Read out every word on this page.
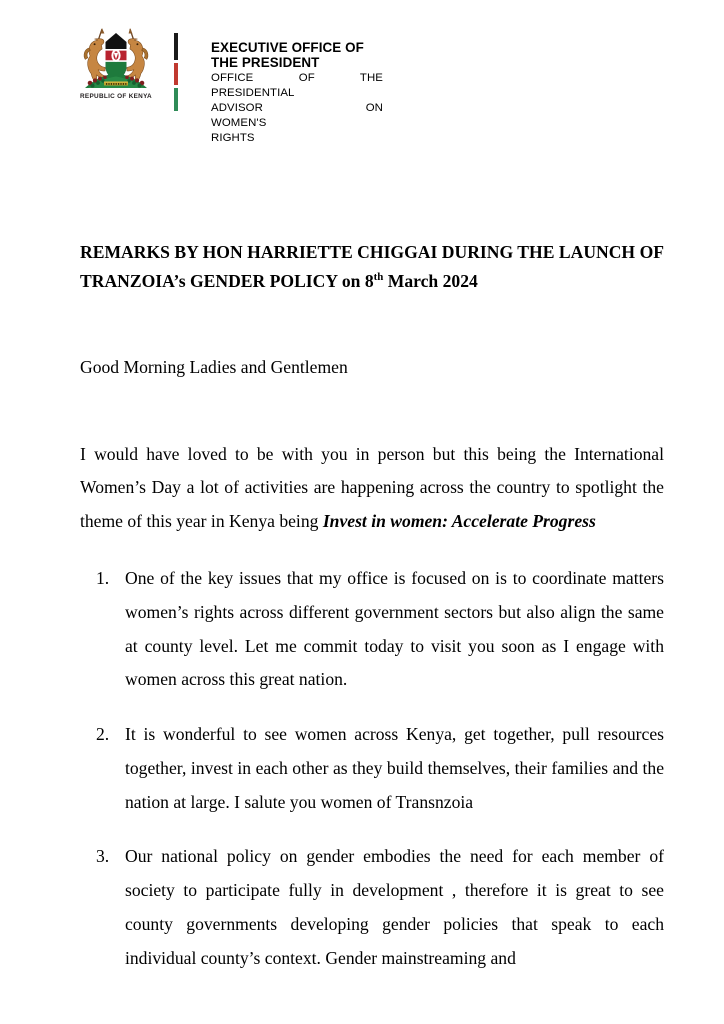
REPUBLIC OF KENYA
EXECUTIVE OFFICE OF
THE PRESIDENT
OFFICE OF THE
PRESIDENTIAL
ADVISOR ON
WOMEN'S
RIGHTS
REMARKS BY HON HARRIETTE CHIGGAI DURING THE LAUNCH OF TRANZOIA’s GENDER POLICY on 8th March 2024

Good Morning Ladies and Gentlemen

I would have loved to be with you in person but this being the International Women’s Day a lot of activities are happening across the country to spotlight the theme of this year in Kenya being Invest in women: Accelerate Progress

1. One of the key issues that my office is focused on is to coordinate matters women’s rights across different government sectors but also align the same at county level. Let me commit today to visit you soon as I engage with women across this great nation.
2. It is wonderful to see women across Kenya, get together, pull resources together, invest in each other as they build themselves, their families and the nation at large. I salute you women of Transnzoia
3. Our national policy on gender embodies the need for each member of society to participate fully in development , therefore it is great to see county governments developing gender policies that speak to each individual county’s context. Gender mainstreaming and
